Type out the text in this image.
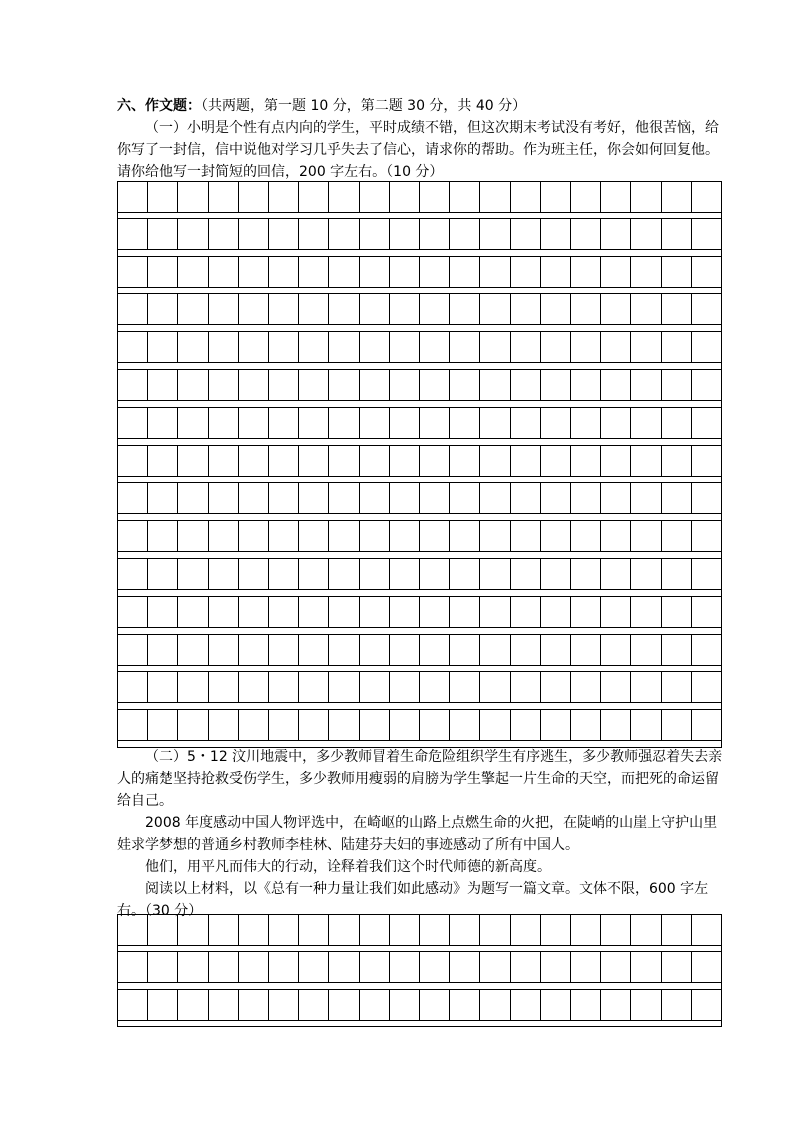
六、作文题：（共两题，第一题 10 分，第二题 30 分，共 40 分）

（一）小明是个性有点内向的学生，平时成绩不错，但这次期末考试没有考好，他很苦恼，给你写了一封信，信中说他对学习几乎失去了信心，请求你的帮助。作为班主任，你会如何回复他。请你给他写一封简短的回信，200 字左右。（10 分）

（二）5・12 汶川地震中，多少教师冒着生命危险组织学生有序逃生，多少教师强忍着失去亲人的痛楚坚持抢救受伤学生，多少教师用瘦弱的肩膀为学生擎起一片生命的天空，而把死的命运留给自己。

2008 年度感动中国人物评选中，在崎岖的山路上点燃生命的火把，在陡峭的山崖上守护山里娃求学梦想的普通乡村教师李桂林、陆建芬夫妇的事迹感动了所有中国人。

他们，用平凡而伟大的行动，诠释着我们这个时代师德的新高度。

阅读以上材料，以《总有一种力量让我们如此感动》为题写一篇文章。文体不限，600 字左右。（30 分）
